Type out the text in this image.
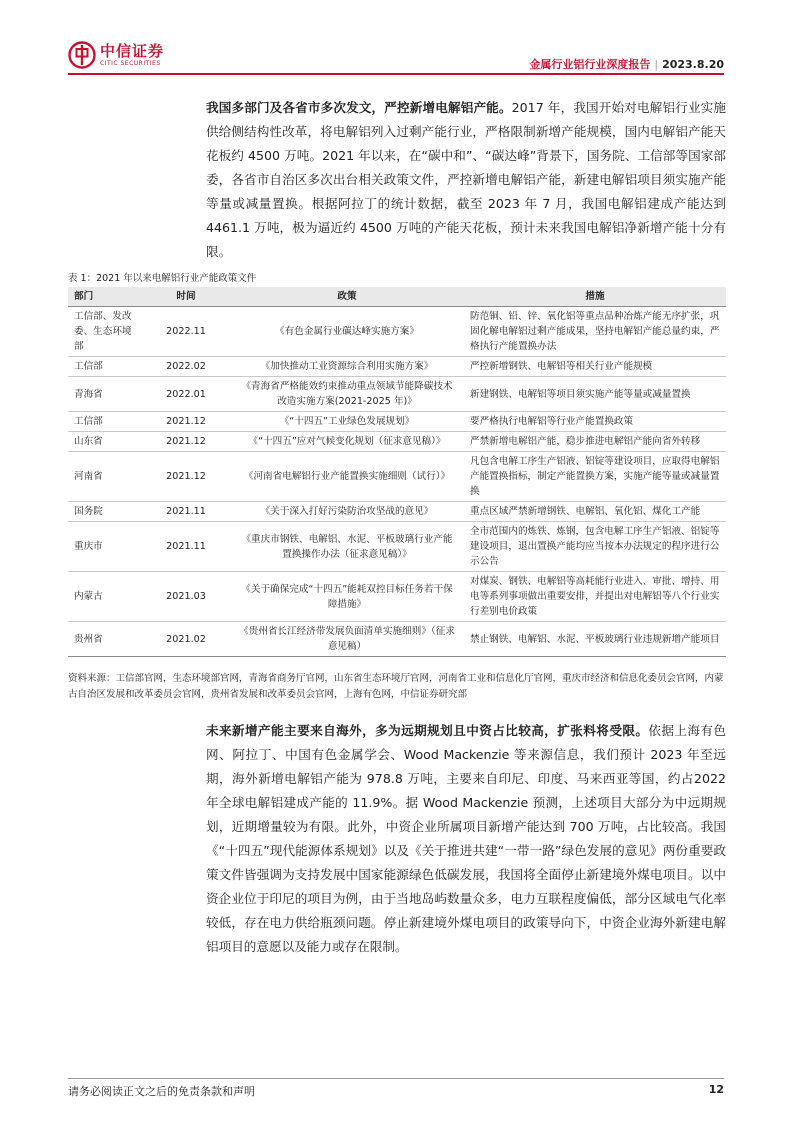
中信证券
CITIC SECURITIES	金属行业铝行业深度报告 | 2023.8.20
我国多部门及各省市多次发文，严控新增电解铝产能。2017 年，我国开始对电解铝行业实施供给侧结构性改革，将电解铝列入过剩产能行业，严格限制新增产能规模，国内电解铝产能天花板约 4500 万吨。2021 年以来，在“碳中和”、“碳达峰”背景下，国务院、工信部等国家部委，各省市自治区多次出台相关政策文件，严控新增电解铝产能，新建电解铝项目须实施产能等量或减量置换。根据阿拉丁的统计数据，截至 2023 年 7 月，我国电解铝建成产能达到 4461.1 万吨，极为逼近约 4500 万吨的产能天花板，预计未来我国电解铝净新增产能十分有限。
表 1：2021 年以来电解铝行业产能政策文件
部门	时间	政策	措施
工信部、发改委、生态环境部	2022.11	《有色金属行业碳达峰实施方案》	防范铜、铅、锌、氧化铝等重点品种冶炼产能无序扩张，巩固化解电解铝过剩产能成果，坚持电解铝产能总量约束，严格执行产能置换办法
工信部	2022.02	《加快推动工业资源综合利用实施方案》	严控新增钢铁、电解铝等相关行业产能规模
青海省	2022.01	《青海省严格能效约束推动重点领域节能降碳技术改造实施方案(2021-2025 年)》	新建钢铁、电解铝等项目须实施产能等量或减量置换
工信部	2021.12	《“十四五”工业绿色发展规划》	要严格执行电解铝等行业产能置换政策
山东省	2021.12	《“十四五”应对气候变化规划（征求意见稿）》	严禁新增电解铝产能，稳步推进电解铝产能向省外转移
河南省	2021.12	《河南省电解铝行业产能置换实施细则（试行）》	凡包含电解工序生产铝液、铝锭等建设项目，应取得电解铝产能置换指标，制定产能置换方案，实施产能等量或减量置换
国务院	2021.11	《关于深入打好污染防治攻坚战的意见》	重点区域严禁新增钢铁、电解铝、氧化铝、煤化工产能
重庆市	2021.11	《重庆市钢铁、电解铝、水泥、平板玻璃行业产能置换操作办法（征求意见稿）》	全市范围内的炼铁、炼钢，包含电解工序生产铝液、铝锭等建设项目，退出置换产能均应当按本办法规定的程序进行公示公告
内蒙古	2021.03	《关于确保完成“十四五”能耗双控目标任务若干保障措施》	对煤炭、钢铁、电解铝等高耗能行业进入、审批、增持、用电等系列事项做出重要安排，并提出对电解铝等八个行业实行差别电价政策
贵州省	2021.02	《贵州省长江经济带发展负面清单实施细则》（征求意见稿）	禁止钢铁、电解铝、水泥、平板玻璃行业违规新增产能项目
资料来源：工信部官网，生态环境部官网，青海省商务厅官网，山东省生态环境厅官网，河南省工业和信息化厅官网，重庆市经济和信息化委员会官网，内蒙古自治区发展和改革委员会官网，贵州省发展和改革委员会官网，上海有色网，中信证券研究部
未来新增产能主要来自海外，多为远期规划且中资占比较高，扩张料将受限。依据上海有色网、阿拉丁、中国有色金属学会、Wood Mackenzie 等来源信息，我们预计 2023 年至远期，海外新增电解铝产能为 978.8 万吨，主要来自印尼、印度、马来西亚等国，约占2022 年全球电解铝建成产能的 11.9%。据 Wood Mackenzie 预测，上述项目大部分为中远期规划，近期增量较为有限。此外，中资企业所属项目新增产能达到 700 万吨，占比较高。我国《“十四五”现代能源体系规划》以及《关于推进共建“一带一路”绿色发展的意见》两份重要政策文件皆强调为支持发展中国家能源绿色低碳发展，我国将全面停止新建境外煤电项目。以中资企业位于印尼的项目为例，由于当地岛屿数量众多，电力互联程度偏低，部分区域电气化率较低，存在电力供给瓶颈问题。停止新建境外煤电项目的政策导向下，中资企业海外新建电解铝项目的意愿以及能力或存在限制。
请务必阅读正文之后的免责条款和声明	12
